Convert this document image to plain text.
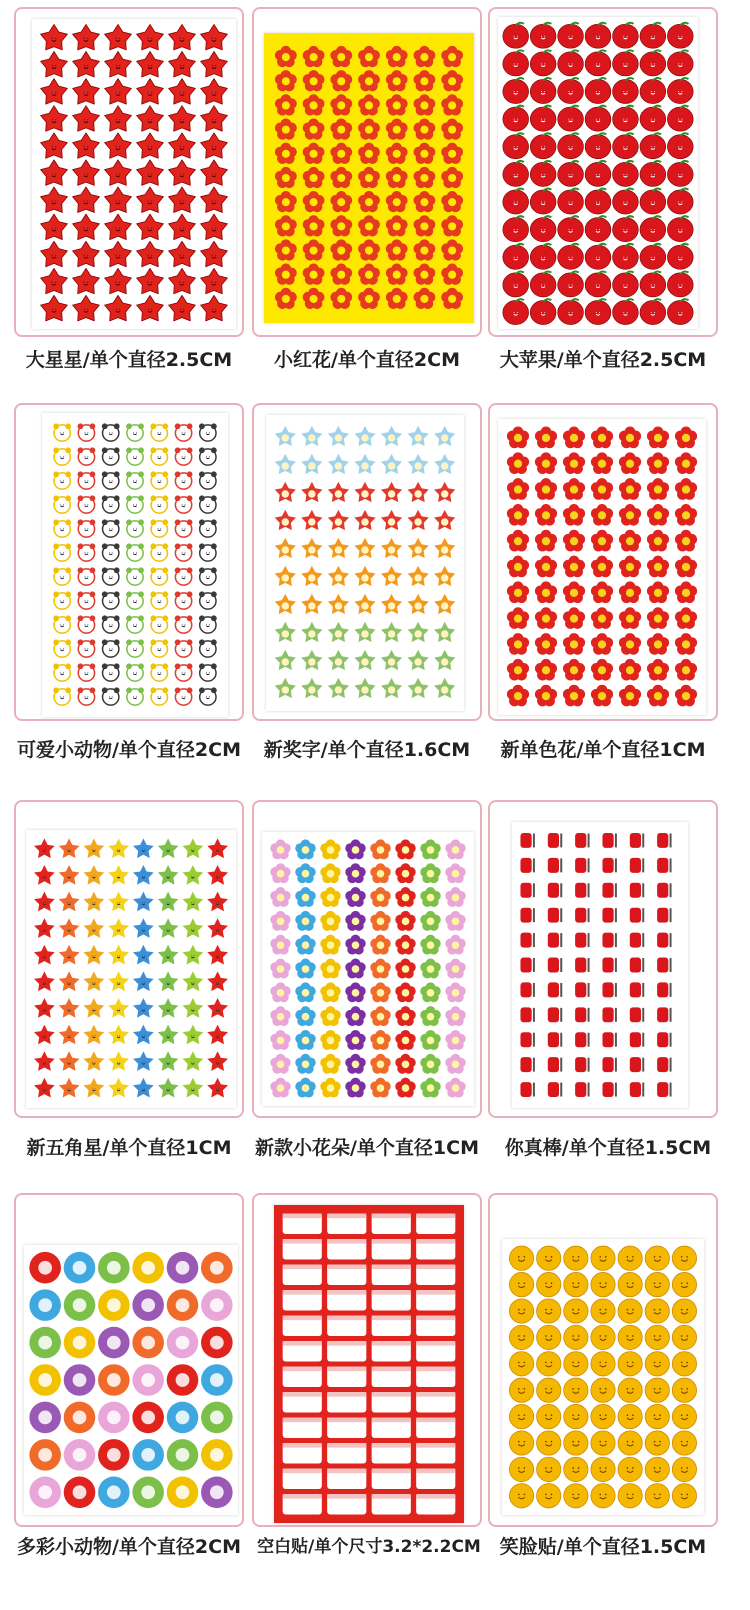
大星星/单个直径2.5CM	小红花/单个直径2CM	大苹果/单个直径2.5CM
可爱小动物/单个直径2CM	新奖字/单个直径1.6CM	新单色花/单个直径1CM
新五角星/单个直径1CM	新款小花朵/单个直径1CM	你真棒/单个直径1.5CM
多彩小动物/单个直径2CM 空白贴/单个尺寸3.2*2.2CM 笑脸贴/单个直径1.5CM
